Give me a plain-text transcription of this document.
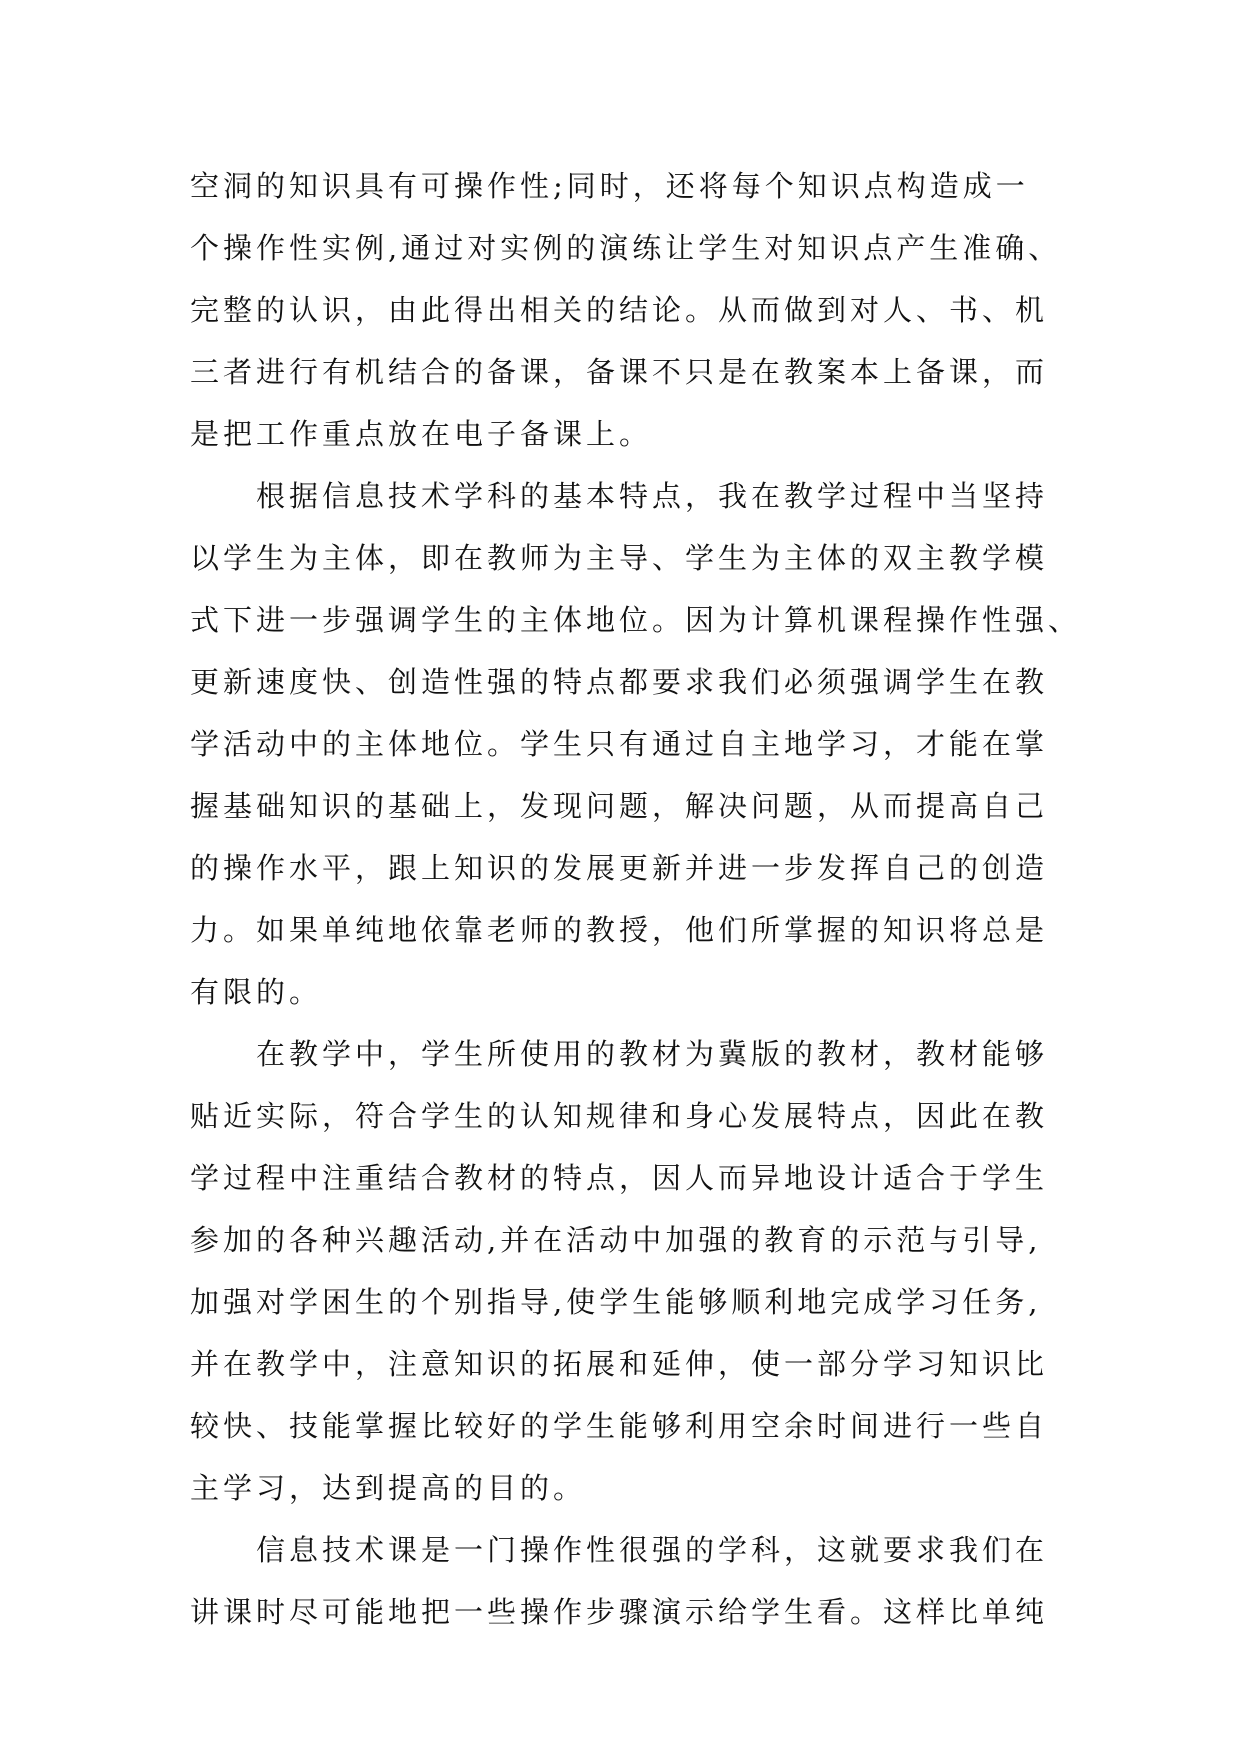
空洞的知识具有可操作性;同时，还将每个知识点构造成一
个操作性实例,通过对实例的演练让学生对知识点产生准确、
完整的认识，由此得出相关的结论。从而做到对人、书、机
三者进行有机结合的备课，备课不只是在教案本上备课，而
是把工作重点放在电子备课上。
根据信息技术学科的基本特点，我在教学过程中当坚持
以学生为主体，即在教师为主导、学生为主体的双主教学模
式下进一步强调学生的主体地位。因为计算机课程操作性强、
更新速度快、创造性强的特点都要求我们必须强调学生在教
学活动中的主体地位。学生只有通过自主地学习，才能在掌
握基础知识的基础上，发现问题，解决问题，从而提高自己
的操作水平，跟上知识的发展更新并进一步发挥自己的创造
力。如果单纯地依靠老师的教授，他们所掌握的知识将总是
有限的。
在教学中，学生所使用的教材为冀版的教材，教材能够
贴近实际，符合学生的认知规律和身心发展特点，因此在教
学过程中注重结合教材的特点，因人而异地设计适合于学生
参加的各种兴趣活动,并在活动中加强的教育的示范与引导,
加强对学困生的个别指导,使学生能够顺利地完成学习任务,
并在教学中，注意知识的拓展和延伸，使一部分学习知识比
较快、技能掌握比较好的学生能够利用空余时间进行一些自
主学习，达到提高的目的。
信息技术课是一门操作性很强的学科，这就要求我们在
讲课时尽可能地把一些操作步骤演示给学生看。这样比单纯
